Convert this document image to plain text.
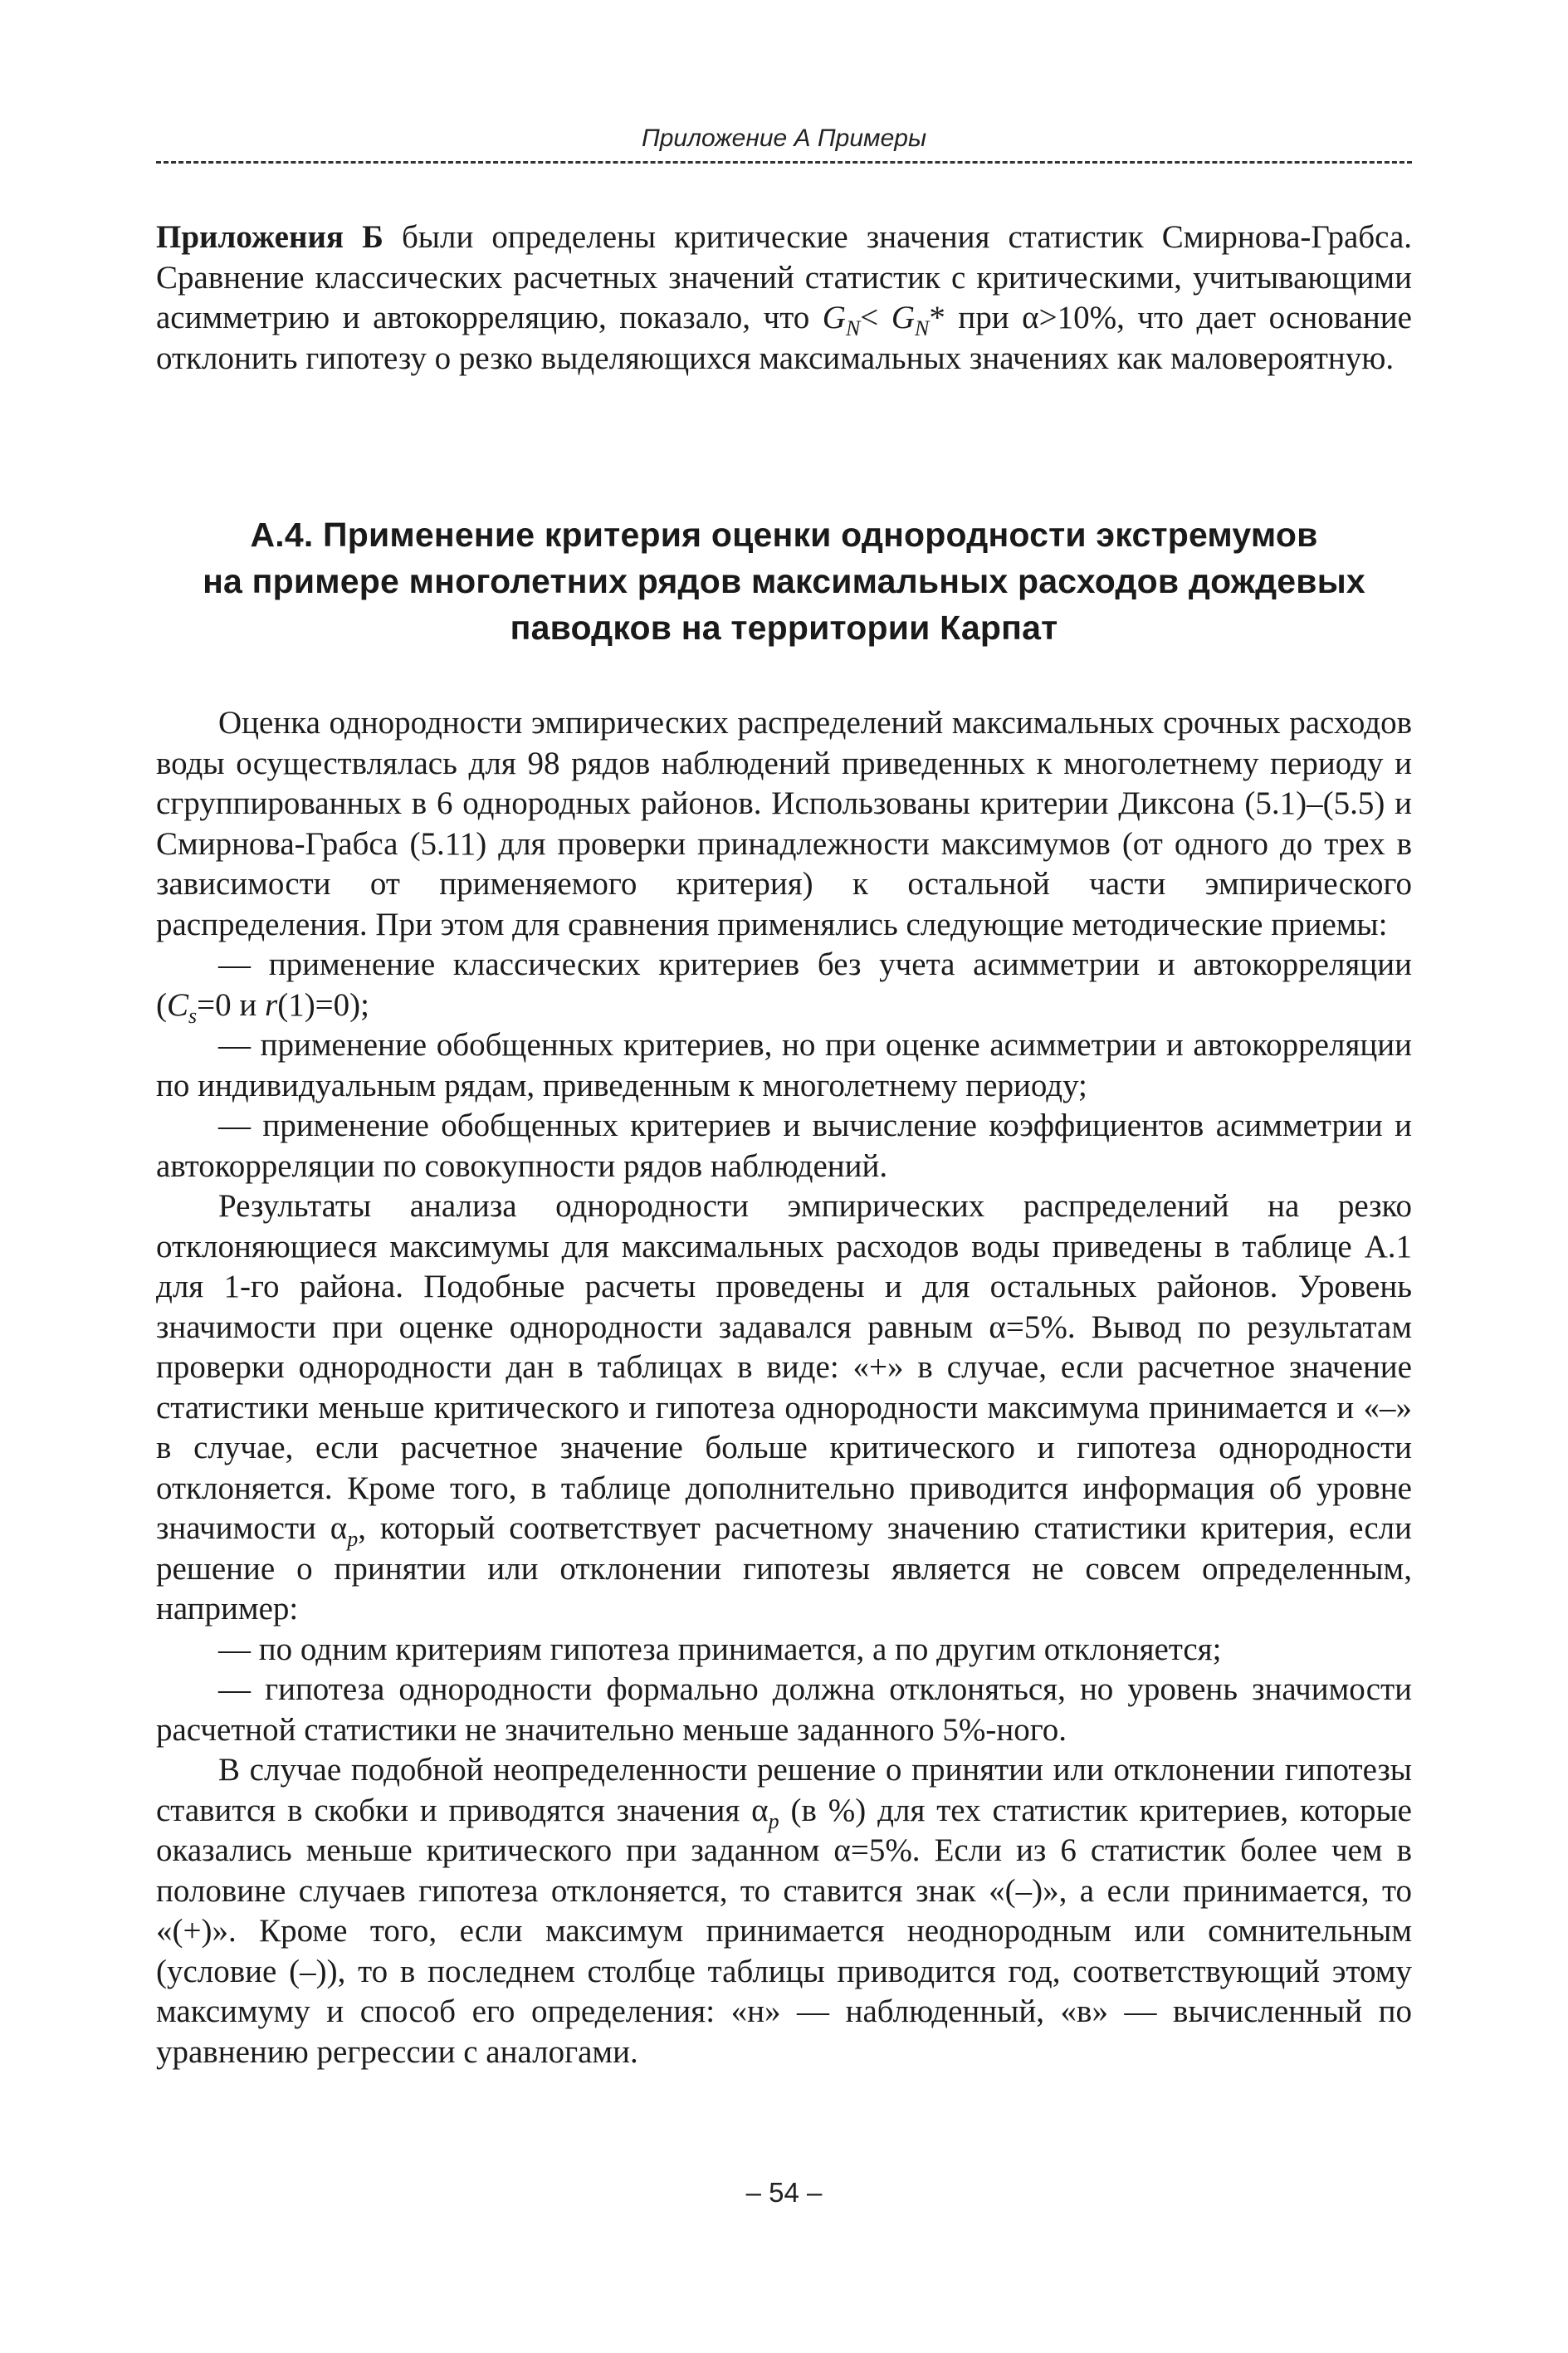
Приложение А Примеры

Приложения Б были определены критические значения статистик Смирнова-Грабса. Сравнение классических расчетных значений статистик с критическими, учитывающими асимметрию и автокорреляцию, показало, что $G_N< G_N*$ при α>10%, что дает основание отклонить гипотезу о резко выделяющихся максимальных значениях как маловероятную.

А.4. Применение критерия оценки однородности экстремумов
на примере многолетних рядов максимальных расходов дождевых
паводков на территории Карпат

Оценка однородности эмпирических распределений максимальных срочных расходов воды осуществлялась для 98 рядов наблюдений приведенных к многолетнему периоду и сгруппированных в 6 однородных районов. Использованы критерии Диксона (5.1)–(5.5) и Смирнова-Грабса (5.11) для проверки принадлежности максимумов (от одного до трех в зависимости от применяемого критерия) к остальной части эмпирического распределения. При этом для сравнения применялись следующие методические приемы:

— применение классических критериев без учета асимметрии и автокорреляции ($C_s=0$ и r(1)=0);

— применение обобщенных критериев, но при оценке асимметрии и автокорреляции по индивидуальным рядам, приведенным к многолетнему периоду;

— применение обобщенных критериев и вычисление коэффициентов асимметрии и автокорреляции по совокупности рядов наблюдений.

Результаты анализа однородности эмпирических распределений на резко отклоняющиеся максимумы для максимальных расходов воды приведены в таблице А.1 для 1-го района. Подобные расчеты проведены и для остальных районов. Уровень значимости при оценке однородности задавался равным α=5%. Вывод по результатам проверки однородности дан в таблицах в виде: «+» в случае, если расчетное значение статистики меньше критического и гипотеза однородности максимума принимается и «–» в случае, если расчетное значение больше критического и гипотеза однородности отклоняется. Кроме того, в таблице дополнительно приводится информация об уровне значимости $\alpha_p$, который соответствует расчетному значению статистики критерия, если решение о принятии или отклонении гипотезы является не совсем определенным, например:

— по одним критериям гипотеза принимается, а по другим отклоняется;

— гипотеза однородности формально должна отклоняться, но уровень значимости расчетной статистики не значительно меньше заданного 5%-ного.

В случае подобной неопределенности решение о принятии или отклонении гипотезы ставится в скобки и приводятся значения $\alpha_p$ (в %) для тех статистик критериев, которые оказались меньше критического при заданном α=5%. Если из 6 статистик более чем в половине случаев гипотеза отклоняется, то ставится знак «(–)», а если принимается, то «(+)». Кроме того, если максимум принимается неоднородным или сомнительным (условие (–)), то в последнем столбце таблицы приводится год, соответствующий этому максимуму и способ его определения: «н» — наблюденный, «в» — вычисленный по уравнению регрессии с аналогами.

– 54 –
